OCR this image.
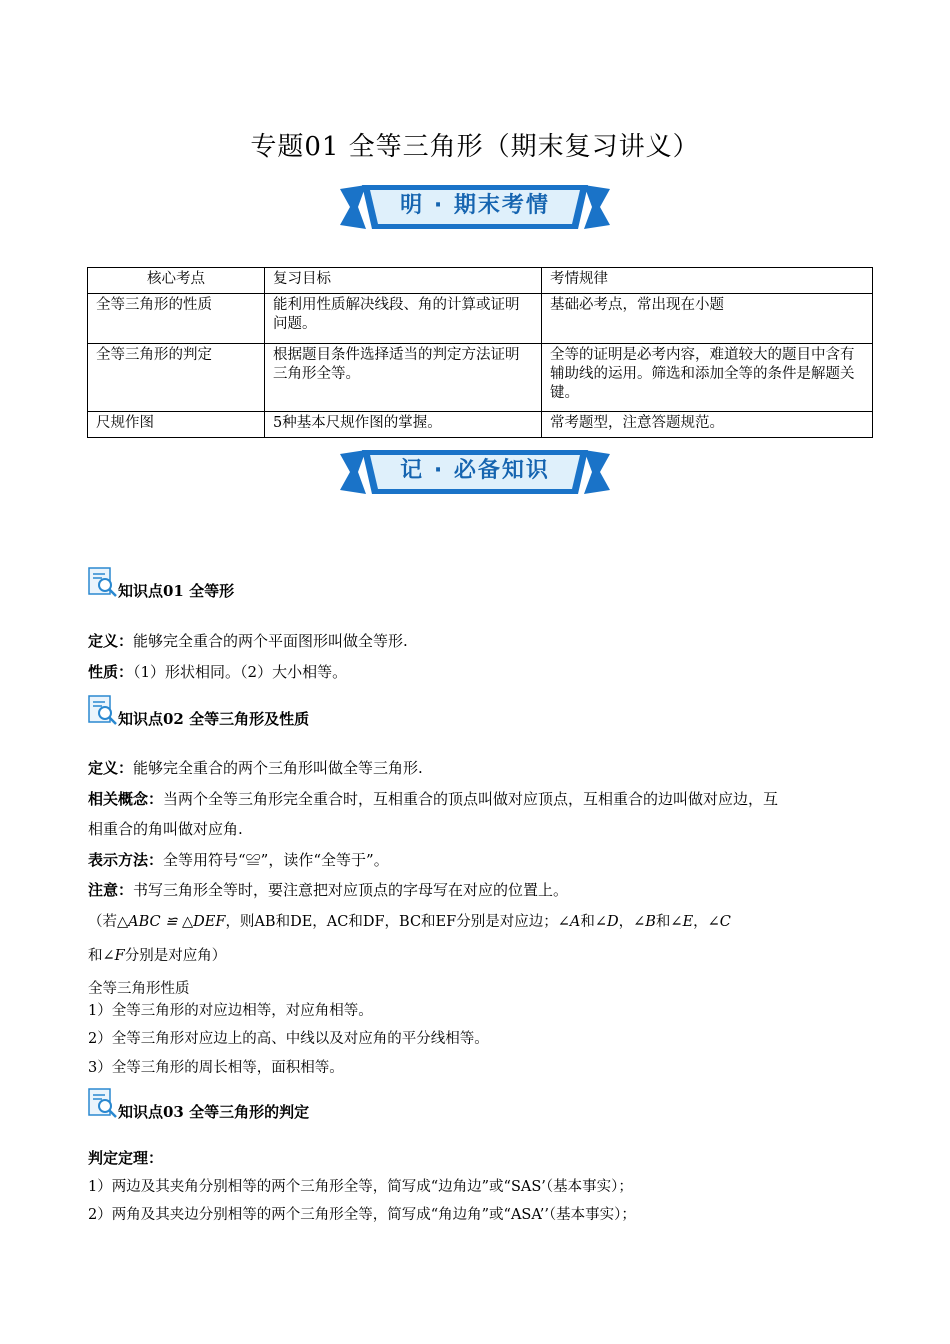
专题01 全等三角形（期末复习讲义）
明 · 期末考情
核心考点	复习目标	考情规律
全等三角形的性质	能利用性质解决线段、角的计算或证明问题。	基础必考点，常出现在小题
全等三角形的判定	根据题目条件选择适当的判定方法证明三角形全等。	全等的证明是必考内容，难道较大的题目中含有辅助线的运用。筛选和添加全等的条件是解题关键。
尺规作图	5种基本尺规作图的掌握。	常考题型，注意答题规范。
记 · 必备知识
知识点01 全等形
定义：能够完全重合的两个平面图形叫做全等形.
性质：（1）形状相同。（2）大小相等。
知识点02 全等三角形及性质
定义：能够完全重合的两个三角形叫做全等三角形.
相关概念：当两个全等三角形完全重合时，互相重合的顶点叫做对应顶点，互相重合的边叫做对应边，互
相重合的角叫做对应角.
表示方法：全等用符号“≌”，读作“全等于”。
注意：书写三角形全等时，要注意把对应顶点的字母写在对应的位置上。
（若△ABC ≌ △DEF，则AB和DE，AC和DF，BC和EF分别是对应边；∠A和∠D，∠B和∠E，∠C
和∠F分别是对应角）
全等三角形性质
1）全等三角形的对应边相等，对应角相等。
2）全等三角形对应边上的高、中线以及对应角的平分线相等。
3）全等三角形的周长相等，面积相等。
知识点03 全等三角形的判定
判定定理：
1）两边及其夹角分别相等的两个三角形全等，简写成“边角边”或“SAS’（基本事实）；
2）两角及其夹边分别相等的两个三角形全等，简写成“角边角”或“ASA’’（基本事实）；
